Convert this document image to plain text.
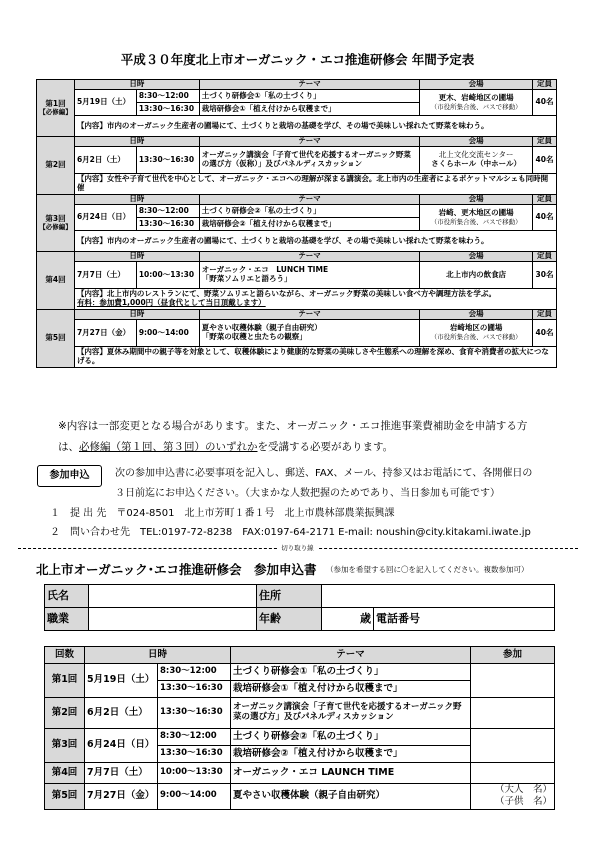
平成３０年度北上市オーガニック・エコ推進研修会 年間予定表
第1回
【必修編】	日時		テーマ	会場	定員
	5月19日（土）	8:30～12:00	土づくり研修会①「私の土づくり」	更木、岩崎地区の圃場
（市役所集合後、バスで移動）	40名
		13:30～16:30	栽培研修会①「植え付けから収穫まで」		
	【内容】市内のオーガニック生産者の圃場にて、土づくりと栽培の基礎を学び、その場で美味しい採れたて野菜を味わう。				
第2回	日時		テーマ	会場	定員
	6月2日（土）	13:30～16:30	オーガニック講演会「子育て世代を応援するオーガニック野菜の選び方（仮称）」及びパネルディスカッション	北上文化交流センター
さくらホール（中ホール）	40名
	【内容】女性や子育て世代を中心として、オーガニック・エコへの理解が深まる講演会。北上市内の生産者によるポケットマルシェも同時開催				
第3回
【必修編】	日時		テーマ	会場	定員
	6月24日（日）	8:30～12:00	土づくり研修会②「私の土づくり」	岩崎、更木地区の圃場
（市役所集合後、バスで移動）	40名
		13:30～16:30	栽培研修会②「植え付けから収穫まで」		
	【内容】市内のオーガニック生産者の圃場にて、土づくりと栽培の基礎を学び、その場で美味しい採れたて野菜を味わう。				
第4回	日時		テーマ	会場	定員
	7月7日（土）	10:00～13:30	オーガニック・エコ　LUNCH TIME
「野菜ソムリエと語ろう」	北上市内の飲食店	30名
	【内容】北上市内のレストランにて、野菜ソムリエと語らいながら、オーガニック野菜の美味しい食べ方や調理方法を学ぶ。
有料：参加費1,000円（昼食代として当日頂戴します）				
第5回	日時		テーマ	会場	定員
	7月27日（金）	9:00～14:00	夏やさい収穫体験（親子自由研究）
「野菜の収穫と虫たちの観察」	岩崎地区の圃場
（市役所集合後、バスで移動）	40名
	【内容】夏休み期間中の親子等を対象として、収穫体験により健康的な野菜の美味しさや生態系への理解を深め、食育や消費者の拡大につなげる。				
※内容は一部変更となる場合があります。また、オーガニック・エコ推進事業費補助金を申請する方
は、必修編（第１回、第３回）のいずれかを受講する必要があります。
参加申込	次の参加申込書に必要事項を記入し、郵送、FAX、メール、持参又はお電話にて、各開催日の
３日前迄にお申込ください。（大まかな人数把握のためであり、当日参加も可能です）
１　提 出 先　〒024-8501　北上市芳町１番１号　北上市農林部農業振興課
２　問い合わせ先　TEL:0197-72-8238　FAX:0197-64-2171 E-mail: noushin@city.kitakami.iwate.jp
切り取り線
北上市オーガニック･エコ推進研修会　参加申込書 （参加を希望する回に〇を記入してください。複数参加可）
氏名		住所		
職業		年齢	歳	電話番号
回数	日時		テーマ	参加
第1回	5月19日（土）	8:30～12:00	土づくり研修会①「私の土づくり」	
		13:30～16:30	栽培研修会①「植え付けから収穫まで」	
第2回	6月2日（土）	13:30～16:30	オーガニック講演会「子育て世代を応援するオーガニック野菜の選び方」及びパネルディスカッション	
第3回	6月24日（日）	8:30～12:00	土づくり研修会②「私の土づくり」	
		13:30～16:30	栽培研修会②「植え付けから収穫まで」	
第4回	7月7日（土）	10:00～13:30	オーガニック・エコ LAUNCH TIME	
第5回	7月27日（金）	9:00～14:00	夏やさい収穫体験（親子自由研究）	（大人　名）
（子供　名）
